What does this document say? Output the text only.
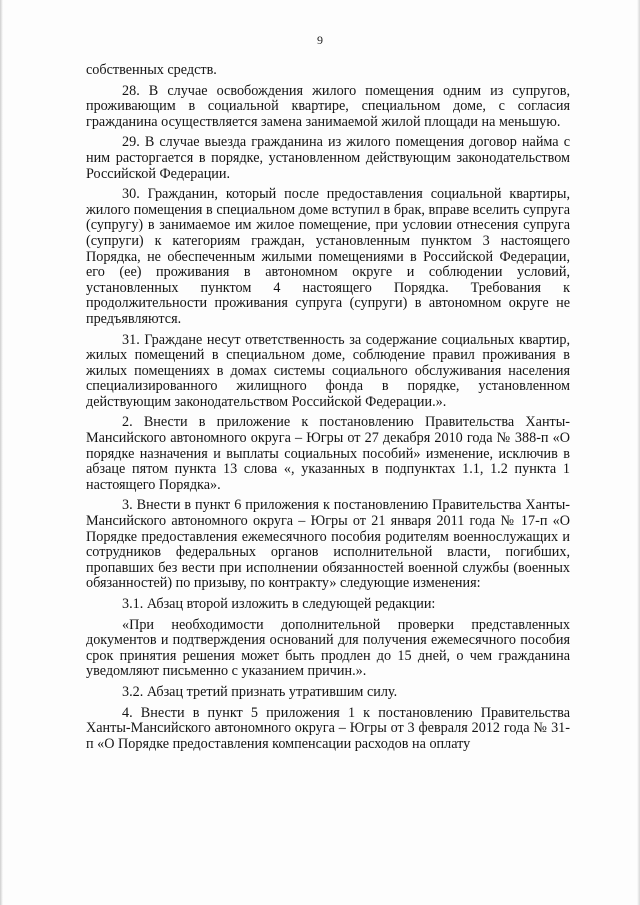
9

собственных средств.

28. В случае освобождения жилого помещения одним из супругов, проживающим в социальной квартире, специальном доме, с согласия гражданина осуществляется замена занимаемой жилой площади на меньшую.

29. В случае выезда гражданина из жилого помещения договор найма с ним расторгается в порядке, установленном действующим законодательством Российской Федерации.

30. Гражданин, который после предоставления социальной квартиры, жилого помещения в специальном доме вступил в брак, вправе вселить супруга (супругу) в занимаемое им жилое помещение, при условии отнесения супруга (супруги) к категориям граждан, установленным пунктом 3 настоящего Порядка, не обеспеченным жилыми помещениями в Российской Федерации, его (ее) проживания в автономном округе и соблюдении условий, установленных пунктом 4 настоящего Порядка. Требования к продолжительности проживания супруга (супруги) в автономном округе не предъявляются.

31. Граждане несут ответственность за содержание социальных квартир, жилых помещений в специальном доме, соблюдение правил проживания в жилых помещениях в домах системы социального обслуживания населения специализированного жилищного фонда в порядке, установленном действующим законодательством Российской Федерации.».

2. Внести в приложение к постановлению Правительства Ханты-Мансийского автономного округа – Югры от 27 декабря 2010 года № 388-п «О порядке назначения и выплаты социальных пособий» изменение, исключив в абзаце пятом пункта 13 слова «, указанных в подпунктах 1.1, 1.2 пункта 1 настоящего Порядка».

3. Внести в пункт 6 приложения к постановлению Правительства Ханты-Мансийского автономного округа – Югры от 21 января 2011 года № 17-п «О Порядке предоставления ежемесячного пособия родителям военнослужащих и сотрудников федеральных органов исполнительной власти, погибших, пропавших без вести при исполнении обязанностей военной службы (военных обязанностей) по призыву, по контракту» следующие изменения:

3.1. Абзац второй изложить в следующей редакции:

«При необходимости дополнительной проверки представленных документов и подтверждения оснований для получения ежемесячного пособия срок принятия решения может быть продлен до 15 дней, о чем гражданина уведомляют письменно с указанием причин.».

3.2. Абзац третий признать утратившим силу.

4. Внести в пункт 5 приложения 1 к постановлению Правительства Ханты-Мансийского автономного округа – Югры от 3 февраля 2012 года № 31-п «О Порядке предоставления компенсации расходов на оплату
